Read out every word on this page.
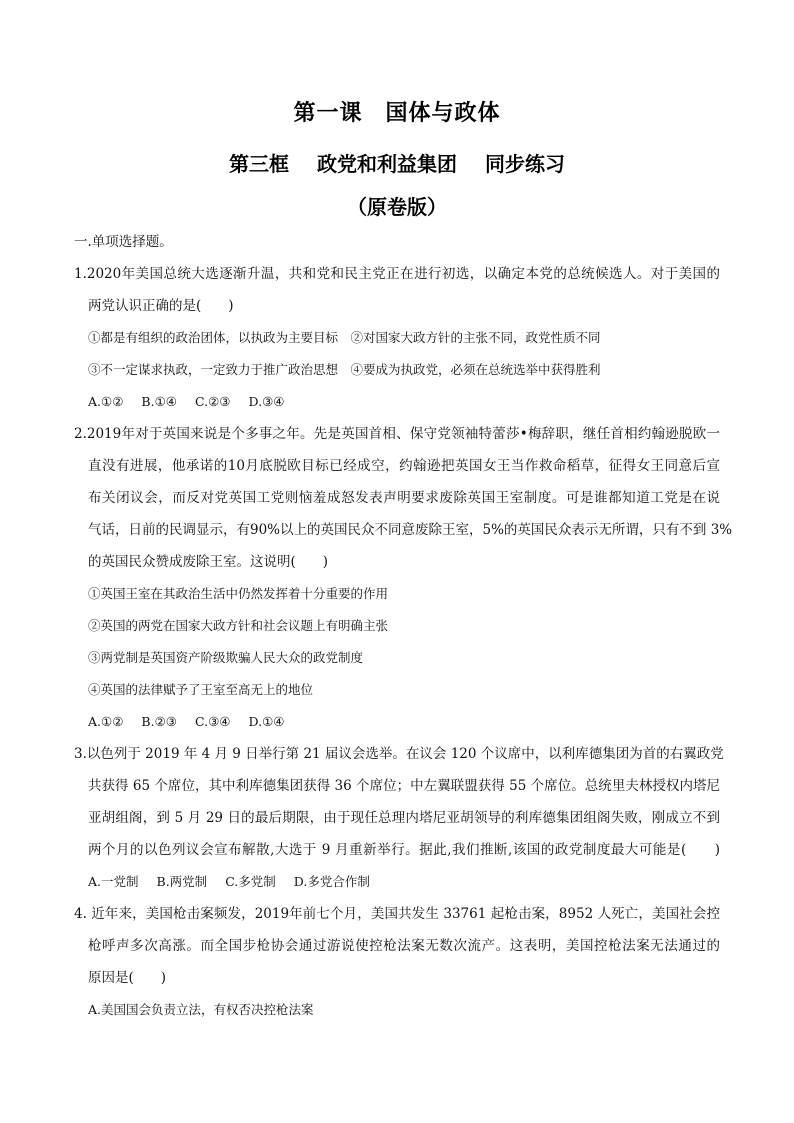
第一课　国体与政体
第三框 政党和利益集团 同步练习
（原卷版）
一.单项选择题。
1.2020年美国总统大选逐渐升温，共和党和民主党正在进行初选，以确定本党的总统候选人。对于美国的
两党认识正确的是(　　)
①都是有组织的政治团体，以执政为主要目标　②对国家大政方针的主张不同，政党性质不同
③不一定谋求执政，一定致力于推广政治思想　④要成为执政党，必须在总统选举中获得胜利
A.①② B.①④ C.②③ D.③④
2.2019年对于英国来说是个多事之年。先是英国首相、保守党领袖特蕾莎•梅辞职，继任首相约翰逊脱欧一
直没有进展，他承诺的10月底脱欧目标已经成空，约翰逊把英国女王当作救命稻草，征得女王同意后宣
布关闭议会，而反对党英国工党则恼羞成怒发表声明要求废除英国王室制度。可是谁都知道工党是在说
气话，日前的民调显示，有90%以上的英国民众不同意废除王室，5%的英国民众表示无所谓，只有不到 3%
的英国民众赞成废除王室。这说明(　　)
①英国王室在其政治生活中仍然发挥着十分重要的作用
②英国的两党在国家大政方针和社会议题上有明确主张
③两党制是英国资产阶级欺骗人民大众的政党制度
④英国的法律赋予了王室至高无上的地位
A.①② B.②③ C.③④ D.①④
3.以色列于 2019 年 4 月 9 日举行第 21 届议会选举。在议会 120 个议席中，以利库德集团为首的右翼政党
共获得 65 个席位，其中利库德集团获得 36 个席位；中左翼联盟获得 55 个席位。总统里夫林授权内塔尼
亚胡组阁，到 5 月 29 日的最后期限，由于现任总理内塔尼亚胡领导的利库德集团组阁失败，刚成立不到
两个月的以色列议会宣布解散,大选于 9 月重新举行。据此,我们推断,该国的政党制度最大可能是(　　)
A.一党制 B.两党制 C.多党制 D.多党合作制
4. 近年来，美国枪击案频发，2019年前七个月，美国共发生 33761 起枪击案，8952 人死亡，美国社会控
枪呼声多次高涨。而全国步枪协会通过游说使控枪法案无数次流产。这表明，美国控枪法案无法通过的
原因是(　　)
A.美国国会负责立法，有权否决控枪法案
